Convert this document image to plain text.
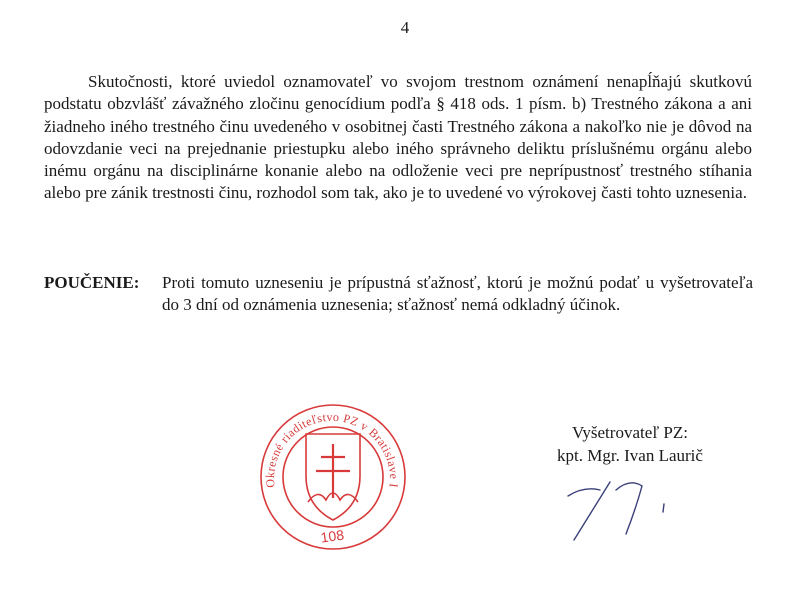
4

Skutočnosti, ktoré uviedol oznamovateľ vo svojom trestnom oznámení nenapĺňajú skutkovú podstatu obzvlášť závažného zločinu genocídium podľa § 418 ods. 1 písm. b) Trestného zákona a ani žiadneho iného trestného činu uvedeného v osobitnej časti Trestného zákona a nakoľko nie je dôvod na odovzdanie veci na prejednanie priestupku alebo iného správneho deliktu príslušnému orgánu alebo inému orgánu na disciplinárne konanie alebo na odloženie veci pre neprípustnosť trestného stíhania alebo pre zánik trestnosti činu, rozhodol som tak, ako je to uvedené vo výrokovej časti tohto uznesenia.

POUČENIE: Proti tomuto uzneseniu je prípustná sťažnosť, ktorú je možnú podať u vyšetrovateľa do 3 dní od oznámenia uznesenia; sťažnosť nemá odkladný účinok.
Okresné riaditeľstvo PZ v Bratislave I
108
Vyšetrovateľ PZ:
kpt. Mgr. Ivan Laurič
